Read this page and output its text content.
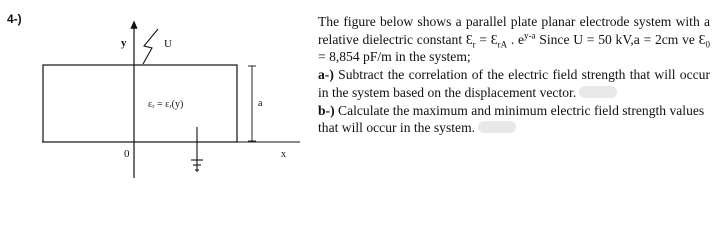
4-)
y	U
εᵣ = εᵣ(y)	a
0	x

The figure below shows a parallel plate planar electrode system with a relative dielectric constant $Ɛ_r$ = $Ɛ_{rA}$ . $e^{y-a}$ Since U = 50 kV,a = 2cm ve $Ɛ_0 = 8,854$ pF/m in the system;

a-) Subtract the correlation of the electric field strength that will occur in the system based on the displacement vector.

b-) Calculate the maximum and minimum electric field strength values that will occur in the system.
